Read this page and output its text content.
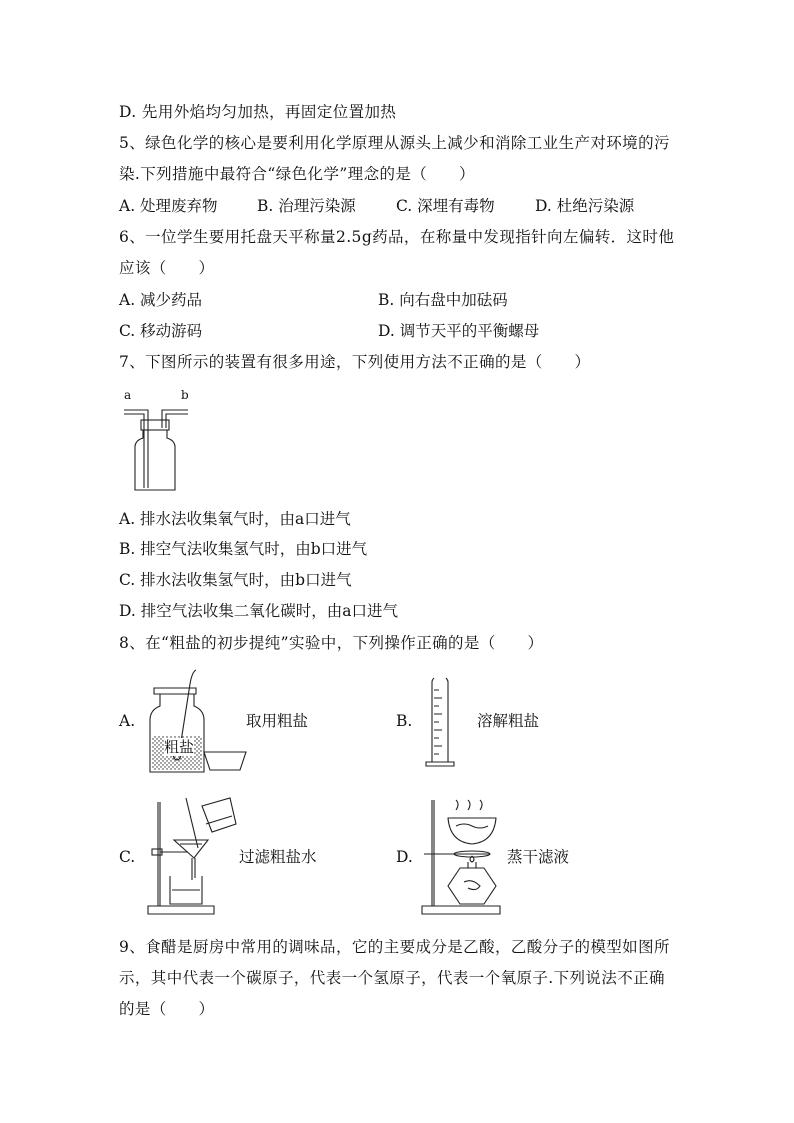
D. 先用外焰均匀加热，再固定位置加热
5、绿色化学的核心是要利用化学原理从源头上减少和消除工业生产对环境的污
染.下列措施中最符合“绿色化学”理念的是（　　）
A. 处理废弃物	B. 治理污染源	C. 深埋有毒物	D. 杜绝污染源
6、一位学生要用托盘天平称量2.5g药品，在称量中发现指针向左偏转．这时他
应该（　　）
A. 减少药品	B. 向右盘中加砝码
C. 移动游码	D. 调节天平的平衡螺母
7、下图所示的装置有很多用途，下列使用方法不正确的是（　　）
a	b
A. 排水法收集氧气时，由a口进气
B. 排空气法收集氢气时，由b口进气
C. 排水法收集氢气时，由b口进气
D. 排空气法收集二氧化碳时，由a口进气
8、在“粗盐的初步提纯”实验中，下列操作正确的是（　　）
A.
粗盐
取用粗盐	B.	溶解粗盐
C.	过滤粗盐水	D.	蒸干滤液
9、食醋是厨房中常用的调味品，它的主要成分是乙酸，乙酸分子的模型如图所
示，其中代表一个碳原子，代表一个氢原子，代表一个氧原子.下列说法不正确
的是（　　）
